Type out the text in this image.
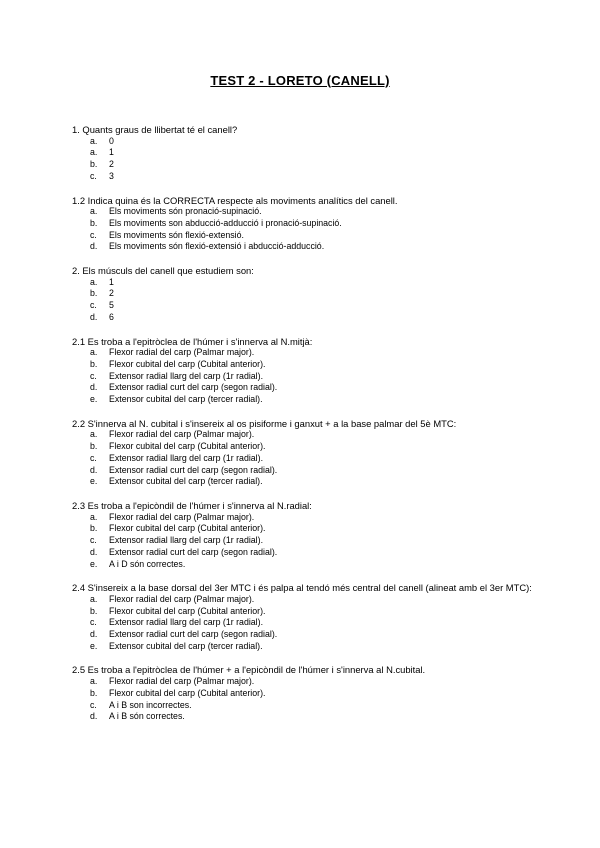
TEST 2 - LORETO (CANELL)
1. Quants graus de llibertat té el canell?
a.	0
a.	1
b.	2
c.	3
1.2 Indica quina és la CORRECTA respecte als moviments analítics del canell.
a.	Els moviments són pronació-supinació.
b.	Els moviments son abducció-adducció i pronació-supinació.
c.	Els moviments són flexió-extensió.
d.	Els moviments són flexió-extensió i abducció-adducció.
2. Els músculs del canell que estudiem son:
a.	1
b.	2
c.	5
d.	6
2.1 Es troba a l'epitròclea de l'húmer i s'innerva al N.mitjà:
a.	Flexor radial del carp (Palmar major).
b.	Flexor cubital del carp (Cubital anterior).
c.	Extensor radial llarg del carp (1r radial).
d.	Extensor radial curt del carp (segon radial).
e.	Extensor cubital del carp (tercer radial).
2.2 S'innerva al N. cubital i s'insereix al os pisiforme i ganxut + a la base palmar del 5è MTC:
a.	Flexor radial del carp (Palmar major).
b.	Flexor cubital del carp (Cubital anterior).
c.	Extensor radial llarg del carp (1r radial).
d.	Extensor radial curt del carp (segon radial).
e.	Extensor cubital del carp (tercer radial).
2.3 Es troba a l'epicòndil de l'húmer i s'innerva al N.radial:
a.	Flexor radial del carp (Palmar major).
b.	Flexor cubital del carp (Cubital anterior).
c.	Extensor radial llarg del carp (1r radial).
d.	Extensor radial curt del carp (segon radial).
e.	A i D són correctes.
2.4 S'insereix a la base dorsal del 3er MTC i és palpa al tendó més central del canell (alineat amb el 3er MTC):
a.	Flexor radial del carp (Palmar major).
b.	Flexor cubital del carp (Cubital anterior).
c.	Extensor radial llarg del carp (1r radial).
d.	Extensor radial curt del carp (segon radial).
e.	Extensor cubital del carp (tercer radial).
2.5 Es troba a l'epitròclea de l'húmer + a l'epicòndil de l'húmer i s'innerva al N.cubital.
a.	Flexor radial del carp (Palmar major).
b.	Flexor cubital del carp (Cubital anterior).
c.	A i B son incorrectes.
d.	A i B són correctes.
